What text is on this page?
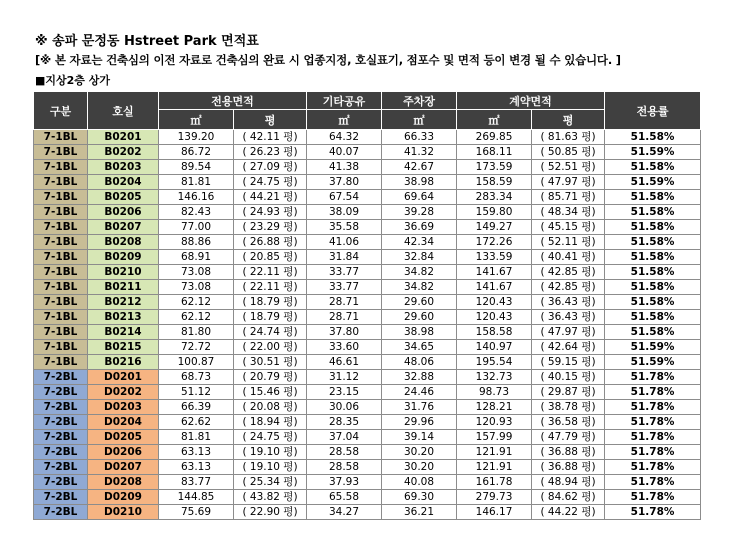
※ 송파 문정동 Hstreet Park 면적표
[※ 본 자료는 건축심의 이전 자료로 건축심의 완료 시 업종지정, 호실표기, 점포수 및 면적 등이 변경 될 수 있습니다. ]
■지상2층 상가
구분	호실	전용면적		기타공유	주차장	계약면적		전용률
		㎡	평	㎡	㎡	㎡	평	
7-1BL	B0201	139.20	( 42.11 평)	64.32	66.33	269.85	( 81.63 평)	51.58%
7-1BL	B0202	86.72	( 26.23 평)	40.07	41.32	168.11	( 50.85 평)	51.59%
7-1BL	B0203	89.54	( 27.09 평)	41.38	42.67	173.59	( 52.51 평)	51.58%
7-1BL	B0204	81.81	( 24.75 평)	37.80	38.98	158.59	( 47.97 평)	51.59%
7-1BL	B0205	146.16	( 44.21 평)	67.54	69.64	283.34	( 85.71 평)	51.58%
7-1BL	B0206	82.43	( 24.93 평)	38.09	39.28	159.80	( 48.34 평)	51.58%
7-1BL	B0207	77.00	( 23.29 평)	35.58	36.69	149.27	( 45.15 평)	51.58%
7-1BL	B0208	88.86	( 26.88 평)	41.06	42.34	172.26	( 52.11 평)	51.58%
7-1BL	B0209	68.91	( 20.85 평)	31.84	32.84	133.59	( 40.41 평)	51.58%
7-1BL	B0210	73.08	( 22.11 평)	33.77	34.82	141.67	( 42.85 평)	51.58%
7-1BL	B0211	73.08	( 22.11 평)	33.77	34.82	141.67	( 42.85 평)	51.58%
7-1BL	B0212	62.12	( 18.79 평)	28.71	29.60	120.43	( 36.43 평)	51.58%
7-1BL	B0213	62.12	( 18.79 평)	28.71	29.60	120.43	( 36.43 평)	51.58%
7-1BL	B0214	81.80	( 24.74 평)	37.80	38.98	158.58	( 47.97 평)	51.58%
7-1BL	B0215	72.72	( 22.00 평)	33.60	34.65	140.97	( 42.64 평)	51.59%
7-1BL	B0216	100.87	( 30.51 평)	46.61	48.06	195.54	( 59.15 평)	51.59%
7-2BL	D0201	68.73	( 20.79 평)	31.12	32.88	132.73	( 40.15 평)	51.78%
7-2BL	D0202	51.12	( 15.46 평)	23.15	24.46	98.73	( 29.87 평)	51.78%
7-2BL	D0203	66.39	( 20.08 평)	30.06	31.76	128.21	( 38.78 평)	51.78%
7-2BL	D0204	62.62	( 18.94 평)	28.35	29.96	120.93	( 36.58 평)	51.78%
7-2BL	D0205	81.81	( 24.75 평)	37.04	39.14	157.99	( 47.79 평)	51.78%
7-2BL	D0206	63.13	( 19.10 평)	28.58	30.20	121.91	( 36.88 평)	51.78%
7-2BL	D0207	63.13	( 19.10 평)	28.58	30.20	121.91	( 36.88 평)	51.78%
7-2BL	D0208	83.77	( 25.34 평)	37.93	40.08	161.78	( 48.94 평)	51.78%
7-2BL	D0209	144.85	( 43.82 평)	65.58	69.30	279.73	( 84.62 평)	51.78%
7-2BL	D0210	75.69	( 22.90 평)	34.27	36.21	146.17	( 44.22 평)	51.78%
